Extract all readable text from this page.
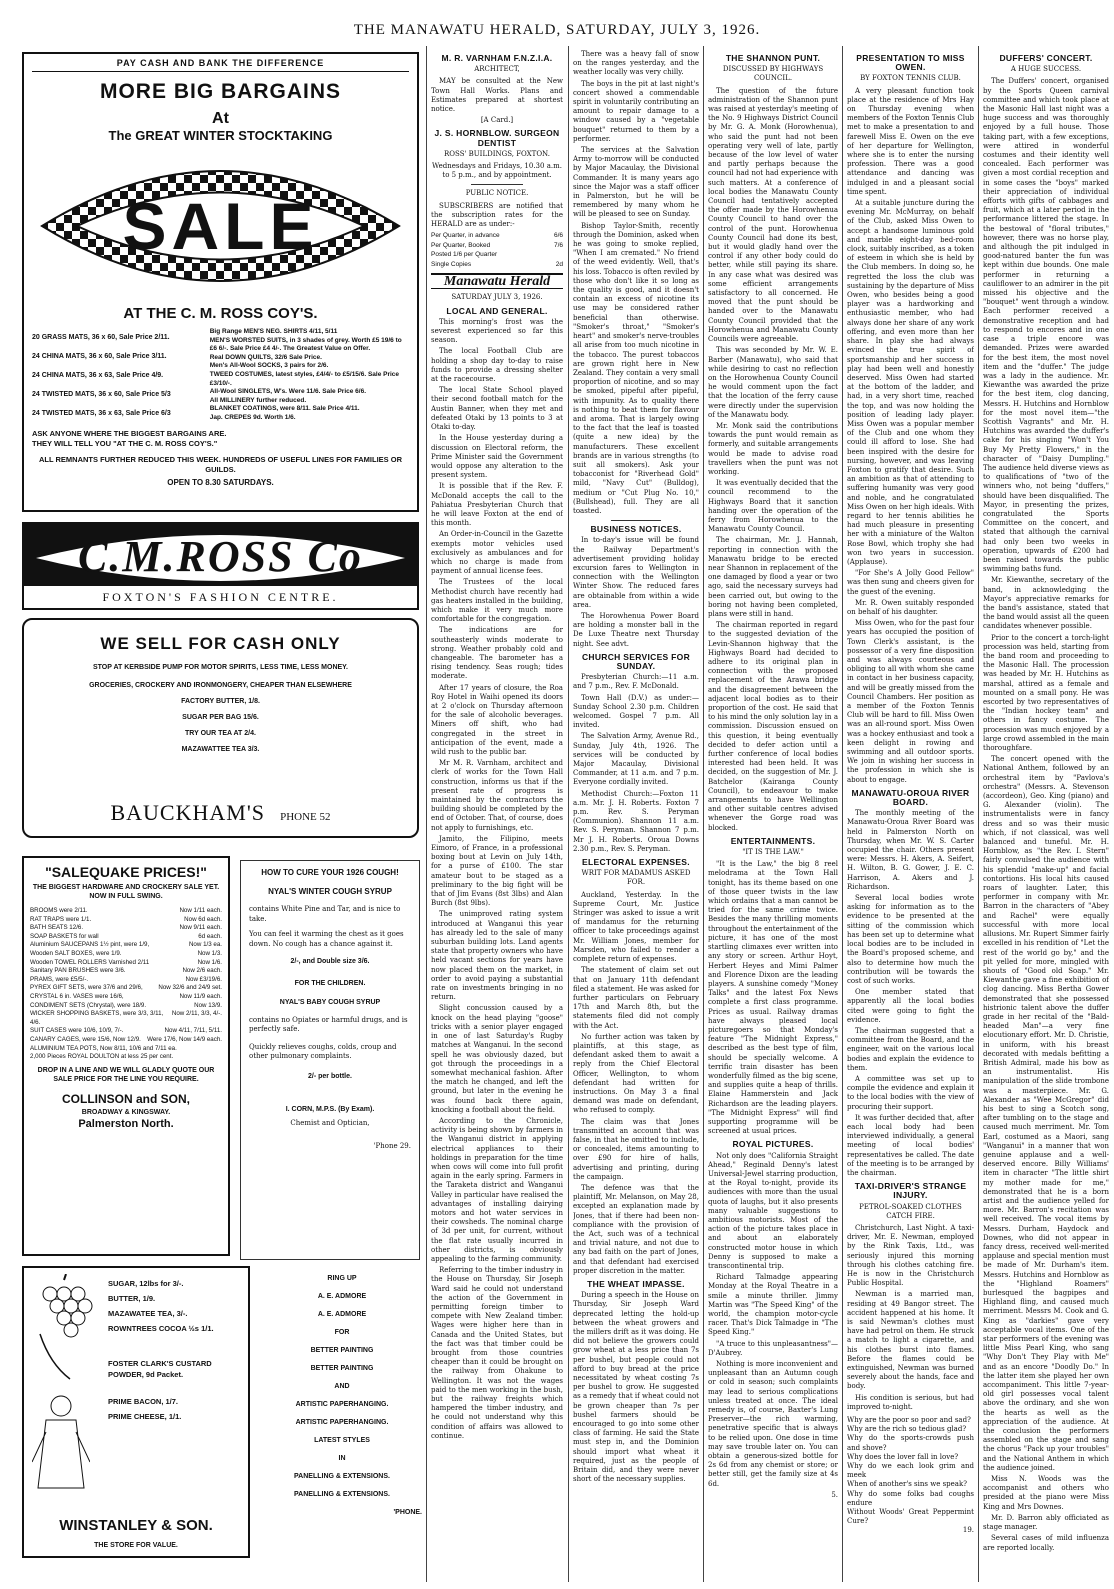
THE MANAWATU HERALD, SATURDAY, JULY 3, 1926.
PAY CASH AND BANK THE DIFFERENCE
MORE BIG BARGAINS
At
The GREAT WINTER STOCKTAKING
SALE
AT THE C. M. ROSS COY'S.
20 GRASS MATS, 36 x 60, Sale Price 2/11.
24 CHINA MATS, 36 x 60, Sale Price 3/11.
24 CHINA MATS, 36 x 63, Sale Price 4/9.
24 TWISTED MATS, 36 x 60, Sale Price 5/3
24 TWISTED MATS, 36 x 63, Sale Price 6/3
Big Range MEN'S NEG. SHIRTS 4/11, 5/11
MEN'S WORSTED SUITS, in 3 shades of grey. Worth £5 19/6 to £6 6/-. Sale Price £4 4/-. The Greatest Value on Offer.
Real DOWN QUILTS, 32/6 Sale Price.
Men's All-Wool SOCKS, 3 pairs for 2/6.
TWEED COSTUMES, latest styles, £4/4/- to £5/15/6. Sale Price £3/10/-.
All-Wool SINGLETS, W's. Were 11/6. Sale Price 6/6.
All MILLINERY further reduced.
BLANKET COATINGS, were 8/11. Sale Price 4/11.
Jap. CREPES 9d. Worth 1/6.
ASK ANYONE WHERE THE BIGGEST BARGAINS ARE. THEY WILL TELL YOU "AT THE C. M. ROSS COY'S."
ALL REMNANTS FURTHER REDUCED THIS WEEK. HUNDREDS OF USEFUL LINES FOR FAMILIES OR GUILDS.
OPEN TO 8.30 SATURDAYS.
C.M.ROSS Co
FOXTON'S FASHION CENTRE.
WE SELL FOR CASH ONLY
STOP AT KERBSIDE PUMP FOR MOTOR SPIRITS, LESS TIME, LESS MONEY.
GROCERIES, CROCKERY AND IRONMONGERY, CHEAPER THAN ELSEWHERE
FACTORY BUTTER, 1/8.
SUGAR PER BAG 15/6.
TRY OUR TEA AT 2/4.
MAZAWATTEE TEA 3/3.
BAUCKHAM'S PHONE 52
"SALEQUAKE PRICES!"
THE BIGGEST HARDWARE AND CROCKERY SALE YET. NOW IN FULL SWING.
BROOMS were 2/11.	Now 1/11 each.
RAT TRAPS were 1/1.	Now 6d each.
BATH SEATS 12/6.	Now 9/11 each.
SOAP BASKETS for wall	6d each.
Aluminium SAUCEPANS 1½ pint, were 1/9,	Now 1/3 ea.
Wooden SALT BOXES, were 1/9.	Now 1/3.
Wooden TOWEL ROLLERS Varnished 2/11	Now 1/6.
Sanitary PAN BRUSHES were 3/6.	Now 2/6 each.
PRAMS, were £5/5/-.	Now £3/19/6.
PYREX GIFT SETS, were 37/6 and 29/6,	Now 32/6 and 24/9 set.
CRYSTAL 6 in. VASES were 16/6,	Now 11/9 each.
CONDIMENT SETS (Chrystal), were 18/9.	Now 13/9.
WICKER SHOPPING BASKETS, were 3/3, 3/11, 4/6.
Now 2/11, 3/3, 4/-.
SUIT CASES were 10/6, 10/9, 7/-.	Now 4/11, 7/11, 5/11.
CANARY CAGES, were 15/6, Now 12/9. Were 17/6, Now 14/9 each.
ALUMINIUM TEA POTS, Now 8/11, 10/6 and 7/11 ea.
2,000 Pieces ROYAL DOULTON at less 25 per cent.
DROP IN A LINE AND WE WILL GLADLY QUOTE OUR SALE PRICE FOR THE LINE YOU REQUIRE.
COLLINSON and SON,
BROADWAY & KINGSWAY.
Palmerston North.
HOW TO CURE YOUR 1926 COUGH!
NYAL'S WINTER COUGH SYRUP
contains White Pine and Tar, and is nice to take.
You can feel it warming the chest as it goes down. No cough has a chance against it.
2/-, and Double size 3/6.
FOR THE CHILDREN.
NYAL'S BABY COUGH SYRUP
contains no Opiates or harmful drugs, and is perfectly safe.
Quickly relieves coughs, colds, croup and other pulmonary complaints.
2/- per bottle.
I. CORN, M.P.S. (By Exam).
Chemist and Optician,
'Phone 29.
SUGAR, 12lbs for 3/-.
BUTTER, 1/9.
MAZAWATEE TEA, 3/-.
ROWNTREES COCOA ½s 1/1.
FOSTER CLARK'S CUSTARD POWDER, 9d Packet.
PRIME BACON, 1/7.
PRIME CHEESE, 1/1.
WINSTANLEY & SON.
THE STORE FOR VALUE.
RING UP
A. E. ADMORE
A. E. ADMORE
FOR
BETTER PAINTING
BETTER PAINTING
AND
ARTISTIC PAPERHANGING.
ARTISTIC PAPERHANGING.
LATEST STYLES
IN
PANELLING & EXTENSIONS.
PANELLING & EXTENSIONS.
'PHONE.
M. R. VARNHAM F.N.Z.I.A.
ARCHITECT,

MAY be consulted at the New Town Hall Works. Plans and Estimates prepared at shortest notice.

[A Card.]
J. S. HORNBLOW. SURGEON DENTIST
ROSS' BUILDINGS, FOXTON.
Wednesdays and Fridays, 10.30 a.m. to 5 p.m., and by appointment.
PUBLIC NOTICE.

SUBSCRIBERS are notified that the subscription rates for the HERALD are as under:-

Per Quarter, in advance	6/6
Per Quarter, Booked	7/6
Posted 1/6 per Quarter
Single Copies	2d
Manawatu Herald
SATURDAY JULY 3, 1926.
LOCAL AND GENERAL.

This morning's frost was the severest experienced so far this season.

The local Football Club are holding a shop day to-day to raise funds to provide a dressing shelter at the racecourse.

The local State School played their second football match for the Austin Banner, when they met and defeated Otaki by 13 points to 3 at Otaki to-day.

In the House yesterday during a discussion on Electoral reform, the Prime Minister said the Government would oppose any alteration to the present system.

It is possible that if the Rev. F. McDonald accepts the call to the Pahiatua Presbyterian Church that he will leave Foxton at the end of this month.

An Order-in-Council in the Gazette exempts motor vehicles used exclusively as ambulances and for which no charge is made from payment of annual license fees.

The Trustees of the local Methodist church have recently had gas heaters installed in the building, which make it very much more comfortable for the congregation.

The indications are for southeasterly winds moderate to strong. Weather probably cold and changeable. The barometer has a rising tendency. Seas rough; tides moderate.

After 17 years of closure, the Roa Roy Hotel in Waihi opened its doors at 2 o'clock on Thursday afternoon for the sale of alcoholic beverages. Miners off shift, who had congregated in the street in anticipation of the event, made a wild rush to the public bar.

Mr M. R. Varnham, architect and clerk of works for the Town Hall construction, informs us that if the present rate of progress is maintained by the contractors the building should be completed by the end of October. That, of course, does not apply to furnishings, etc.

Jamito, the Filipino, meets Eimoro, of France, in a professional boxing bout at Levin on July 14th, for a purse of £100. The star amateur bout to be staged as a preliminary to the big fight will be that of Jim Evans (8st 3lbs) and Alan Burch (8st 9lbs).

The unimproved rating system introduced at Wanganui this year has already led to the sale of many suburban building lots. Land agents state that property owners who have held vacant sections for years have now placed them on the market, in order to avoid paying a substantial rate on investments bringing in no return.

Slight concussion caused by a knock on the head playing "goose" tricks with a senior player engaged in one of last Saturday's Rugby matches at Wanganui. In the second spell he was obviously dazed, but got through the proceedings in a somewhat mechanical fashion. After the match he changed, and left the ground, but later in the evening he was found back there again, knocking a football about the field.

According to the Chronicle, activity is being shown by farmers in the Wanganui district in applying electrical appliances to their holdings in preparation for the time when cows will come into full profit again in the early spring. Farmers in the Taraketa district and Wanganui Valley in particular have realised the advantages of installing dairying motors and hot water services in their cowsheds. The nominal charge of 3d per unit, for current, without the flat rate usually incurred in other districts, is obviously appealing to the farming community.

Referring to the timber industry in the House on Thursday, Sir Joseph Ward said he could not understand the action of the Government in permitting foreign timber to compete with New Zealand timber. Wages were higher here than in Canada and the United States, but the fact was that timber could be brought from those countries cheaper than it could be brought on the railway from Ohakune to Wellington. It was not the wages paid to the men working in the bush, but the railway freights which hampered the timber industry, and he could not understand why this condition of affairs was allowed to continue.

There was a heavy fall of snow on the ranges yesterday, and the weather locally was very chilly.

The boys in the pit at last night's concert showed a commendable spirit in voluntarily contributing an amount to repair damage to a window caused by a "vegetable bouquet" returned to them by a performer.

The services at the Salvation Army to-morrow will be conducted by Major Macaulay, the Divisional Commander. It is many years ago since the Major was a staff officer in Palmerston, but he will be remembered by many whom he will be pleased to see on Sunday.

Bishop Taylor-Smith, recently through the Dominion, asked when he was going to smoke replied, "When I am cremated." No friend of the weed evidently. Well, that's his loss. Tobacco is often reviled by those who don't like it so long as the quality is good, and it doesn't contain an excess of nicotine its use may be considered rather beneficial than otherwise. "Smoker's throat," "Smoker's heart" and smoker's nerve-troubles all arise from too much nicotine in the tobacco. The purest tobaccos are grown right here in New Zealand. They contain a very small proportion of nicotine, and so may be smoked, pipeful after pipeful, with impunity. As to quality there is nothing to beat them for flavour and aroma. That is largely owing to the fact that the leaf is toasted (quite a new idea) by the manufacturers. These excellent brands are in various strengths (to suit all smokers). Ask your tobacconist for "Riverhead Gold" mild, "Navy Cut" (Bulldog), medium or "Cut Plug No. 10," (Bullshead), full. They are all toasted.

BUSINESS NOTICES.

In to-day's issue will be found the Railway Department's advertisement providing holiday excursion fares to Wellington in connection with the Wellington Winter Show. The reduced fares are obtainable from within a wide area.

The Horowhenua Power Board are holding a monster ball in the De Luxe Theatre next Thursday night. See advt.

CHURCH SERVICES FOR SUNDAY.

Presbyterian Church:—11 a.m. and 7 p.m., Rev. F. McDonald.

Town Hall (D.V.) as under:—Sunday School 2.30 p.m. Children welcomed. Gospel 7 p.m. All invited.

The Salvation Army, Avenue Rd., Sunday, July 4th, 1926. The services will be conducted by Major Macaulay, Divisional Commander, at 11 a.m. and 7 p.m. Everyone cordially invited.

Methodist Church:—Foxton 11 a.m. Mr. J. H. Roberts. Foxton 7 p.m. Rev. S. Peryman (Communion). Shannon 11 a.m. Rev. S. Peryman. Shannon 7 p.m. Mr J. H. Roberts. Oroua Downs 2.30 p.m., Rev. S. Peryman.

ELECTORAL EXPENSES.
WRIT FOR MADAMUS ASKED FOR.

Auckland, Yesterday. In the Supreme Court, Mr. Justice Stringer was asked to issue a writ of mandamus for the returning officer to take proceedings against Mr. William Jones, member for Marsden, who failed to render a complete return of expenses.

The statement of claim set out that on January 11th defendant filed a statement. He was asked for further particulars on February 17th and March 8th, but the statements filed did not comply with the Act.

No further action was taken by plaintiffs, at this stage, as defendant asked them to await a reply from the Chief Electoral Officer, Wellington, to whom defendant had written for instructions. On May 3 a final demand was made on defendant, who refused to comply.

The claim was that Jones transmitted an account that was false, in that he omitted to include, or concealed, items amounting to over £90 for hire of halls, advertising and printing, during the campaign.

The defence was that the plaintiff, Mr. Melanson, on May 28, excepted an explanation made by Jones, that if there had been non-compliance with the provision of the Act, such was of a technical and trivial nature, and not due to any bad faith on the part of Jones, and that defendant had exercised proper discretion in the matter.

THE WHEAT IMPASSE.

During a speech in the House on Thursday, Sir Joseph Ward deprecated letting the hold-up between the wheat growers and the millers drift as it was doing. He did not believe the growers could grow wheat at a less price than 7s per bushel, but people could not afford to buy bread at the price necessitated by wheat costing 7s per bushel to grow. He suggested as a remedy that if wheat could not be grown cheaper than 7s per bushel farmers should be encouraged to go into some other class of farming. He said the State must step in, and the Dominion should import what wheat it required, just as the people of Britain did, and they were never short of the necessary supplies.

THE SHANNON PUNT.
DISCUSSED BY HIGHWAYS COUNCIL.

The question of the future administration of the Shannon punt was raised at yesterday's meeting of the No. 9 Highways District Council by Mr. G. A. Monk (Horowhenua), who said the punt had not been operating very well of late, partly because of the low level of water and partly perhaps because the council had not had experience with such matters. At a conference of local bodies the Manawatu County Council had tentatively accepted the offer made by the Horowhenua County Council to hand over the control of the punt. Horowhenua County Council had done its best, but it would gladly hand over the control if any other body could do better, while still paying its share. In any case what was desired was some efficient arrangements satisfactory to all concerned. He moved that the punt should be handed over to the Manawatu County Council provided that the Horowhenua and Manawatu County Councils were agreeable.

This was seconded by Mr. W. E. Barber (Manawatu), who said that while desiring to cast no reflection on the Horowhenua County Council he would comment upon the fact that the location of the ferry cause were directly under the supervision of the Manawatu body.

Mr. Monk said the contributions towards the punt would remain as formerly, and suitable arrangements would be made to advise road travellers when the punt was not working.

It was eventually decided that the council recommend to the Highways Board that it sanction handing over the operation of the ferry from Horowhenua to the Manawatu County Council.

The chairman, Mr. J. Hannah, reporting in connection with the Manawatu bridge to be erected near Shannon in replacement of the one damaged by flood a year or two ago, said the necessary surveys had been carried out, but owing to the boring not having been completed, plans were still in hand.

The chairman reported in regard to the suggested deviation of the Levin-Shannon highway that the Highways Board had decided to adhere to its original plan in connection with the proposed replacement of the Arawa bridge and the disagreement between the adjacent local bodies as to their proportion of the cost. He said that to his mind the only solution lay in a commission. Discussion ensued on this question, it being eventually decided to defer action until a further conference of local bodies interested had been held. It was decided, on the suggestion of Mr. J. Batchelor (Kairanga County Council), to endeavour to make arrangements to have Wellington and other suitable centres advised whenever the Gorge road was blocked.

ENTERTAINMENTS.
"IT IS THE LAW."

"It is the Law," the big 8 reel melodrama at the Town Hall tonight, has its theme based on one of those queer twists in the law which ordains that a man cannot be tried for the same crime twice. Besides the many thrilling moments throughout the entertainment of the picture, it has one of the most startling climaxes ever written into any story or screen. Arthur Hoyt, Herbert Heyes and Mimi Palmer and Florence Dixon are the leading players. A sunshine comedy "Money Talks" and the latest Fox News complete a first class programme. Prices as usual. Railway dramas have always pleased local picturegoers so that Monday's feature "The Midnight Express," described as the best type of film, should be specially welcome. A terrific train disaster has been wonderfully filmed as the big scene, and supplies quite a heap of thrills. Elaine Hammerstein and Jack Richardson are the leading players. "The Midnight Express" will find supporting programme will be screened at usual prices.

ROYAL PICTURES.

Not only does "California Straight Ahead," Reginald Denny's latest Universal-Jewel starring production, at the Royal to-night, provide its audiences with more than the usual quota of laughs, but it also presents many valuable suggestions to ambitious motorists. Most of the action of the picture takes place in and about an elaborately constructed motor house in which Denny is supposed to make a transcontinental trip.

Richard Talmadge appearing Monday at the Royal Theatre in a smile a minute thriller. Jimmy Martin was "The Speed King" of the world, the champion motor-cycle racer. That's Dick Talmadge in "The Speed King."

"A truce to this unpleasantness"—D'Aubrey.

Nothing is more inconvenient and unpleasant than an Autumn cough or cold in season; such complaints may lead to serious complications unless treated at once. The ideal remedy is, of course, Baxter's Lung Preserver—the rich warming, penetrative specific that is always to be relied upon. One dose in time may save trouble later on. You can obtain a generous-sized bottle for 2s 6d from any chemist or store; or better still, get the family size at 4s 6d.

5.
PRESENTATION TO MISS OWEN.
BY FOXTON TENNIS CLUB.

A very pleasant function took place at the residence of Mrs Hay on Thursday evening when members of the Foxton Tennis Club met to make a presentation to and farewell Miss E. Owen on the eve of her departure for Wellington, where she is to enter the nursing profession. There was a good attendance and dancing was indulged in and a pleasant social time spent.

At a suitable juncture during the evening Mr. McMurray, on behalf of the Club, asked Miss Owen to accept a handsome luminous gold and marble eight-day bed-room clock, suitably inscribed, as a token of esteem in which she is held by the Club members. In doing so, he regretted the loss the club was sustaining by the departure of Miss Owen, who besides being a good player was a hardworking and enthusiastic member, who had always done her share of any work offering, and even more than her share. In play she had always evinced the true spirit of sportsmanship and her success in play had been well and honestly deserved. Miss Owen had started at the bottom of the ladder, and had, in a very short time, reached the top, and was now holding the position of leading lady player. Miss Owen was a popular member of the Club and one whom they could ill afford to lose. She had been inspired with the desire for nursing, however, and was leaving Foxton to gratify that desire. Such an ambition as that of attending to suffering humanity was very good and noble, and he congratulated Miss Owen on her high ideals. With regard to her tennis abilities he had much pleasure in presenting her with a miniature of the Walton Rose Bowl, which trophy she had won two years in succession. (Applause).

"For She's A Jolly Good Fellow" was then sung and cheers given for the guest of the evening.

Mr. R. Owen suitably responded on behalf of his daughter.

Miss Owen, who for the past four years has occupied the position of Town Clerk's assistant, is the possessor of a very fine disposition and was always courteous and obliging to all with whom she came in contact in her business capacity, and will be greatly missed from the Council Chambers. Her position as a member of the Foxton Tennis Club will be hard to fill. Miss Owen was an all-round sport. Miss Owen was a hockey enthusiast and took a keen delight in rowing and swimming and all outdoor sports. We join in wishing her success in the profession in which she is about to engage.

MANAWATU-OROUA RIVER BOARD.

The monthly meeting of the Manawatu-Oroua River Board was held in Palmerston North on Thursday, when Mr. W. S. Carter occupied the chair. Others present were: Messrs. H. Akers, A. Seifert, H. Wilton, B. G. Gower, J. E. C. Harrison, A. Akers and J. Richardson.

Several local bodies wrote asking for information as to the evidence to be presented at the sitting of the commission which has been set up to determine what local bodies are to be included in the Board's proposed scheme, and also to determine how much the contribution will be towards the cost of such works.

One member stated that apparently all the local bodies cited were going to fight the evidence.

The chairman suggested that a committee from the Board, and the engineer, wait on the various local bodies and explain the evidence to them.

A committee was set up to compile the evidence and explain it to the local bodies with the view of procuring their support.

It was further decided that, after each local body had been interviewed individually, a general meeting of local bodies' representatives be called. The date of the meeting is to be arranged by the chairman.

TAXI-DRIVER'S STRANGE INJURY.
PETROL-SOAKED CLOTHES CATCH FIRE.

Christchurch, Last Night. A taxi-driver, Mr. E. Newman, employed by the Rink Taxis, Ltd., was seriously injured this morning through his clothes catching fire. He is now in the Christchurch Public Hospital.

Newman is a married man, residing at 49 Bangor street. The accident happened at his home. It is said Newman's clothes must have had petrol on them. He struck a match to light a cigarette, and his clothes burst into flames. Before the flames could be extinguished, Newman was burned severely about the hands, face and body.

His condition is serious, but had improved to-night.

Why are the poor so poor and sad?
Why are the rich so tedious glad?
Why do the sports-crowds push and shove?
Why does the lover fall in love?
Why do we each look grim and meek
When of another's sins we speak?
Why do some folks bad coughs endure
Without Woods' Great Peppermint Cure?
19.
DUFFERS' CONCERT.
A HUGE SUCCESS.

The Duffers' concert, organised by the Sports Queen carnival committee and which took place at the Masonic Hall last night was a huge success and was thoroughly enjoyed by a full house. Those taking part, with a few exceptions, were attired in wonderful costumes and their identity well concealed. Each performer was given a most cordial reception and in some cases the "boys" marked their appreciation of individual efforts with gifts of cabbages and fruit, which at a later period in the performance littered the stage. In the bestowal of "floral tributes," however, there was no horse play, and although the pit indulged in good-natured banter the fun was kept within due bounds. One male performer in returning a cauliflower to an admirer in the pit missed his objective and the "bouquet" went through a window. Each performer received a demonstrative reception and had to respond to encores and in one case a triple encore was demanded. Prizes were awarded for the best item, the most novel item and the "duffer." The judge was a lady in the audience. Mr. Kiewanthe was awarded the prize for the best item, clog dancing, Messrs. H. Hutchins and Hornblow for the most novel item—"the Scottish Vagrants" and Mr. H. Hutchins was awarded the duffer's cake for his singing "Won't You Buy My Pretty Flowers," in the character of "Daisy Dumpling." The audience held diverse views as to qualifications of "two of the winners who, not being "duffers," should have been disqualified. The Mayor, in presenting the prizes, congratulated the Sports Committee on the concert, and stated that although the carnival had only been two weeks in operation, upwards of £200 had been raised towards the public swimming baths fund.

Mr. Kiewanthe, secretary of the band, in acknowledging the Mayor's appreciative remarks for the band's assistance, stated that the band would assist all the queen candidates whenever possible.

Prior to the concert a torch-light procession was held, starting from the band room and proceeding to the Masonic Hall. The procession was headed by Mr. H. Hutchins as marshal, attired as a female and mounted on a small pony. He was escorted by two representatives of the "Indian hockey team" and others in fancy costume. The procession was much enjoyed by a large crowd assembled in the main thoroughfare.

The concert opened with the National Anthem, followed by an orchestral item by "Pavlova's orchestra" (Messrs. A. Stevenson (accordeon), Geo. King (piano) and G. Alexander (violin). The instrumentalists were in fancy dress and so was their music which, if not classical, was well balanced and tuneful. Mr. H. Hornblow, as "the Rev. I. Stern" fairly convulsed the audience with his splendid "make-up" and facial contortions. His local hits caused roars of laughter. Later, this performer in company with Mr. Barron in the characters of "Abey and Rachel" were equally successful with more local allusions. Mr. Rupert Simmer fairly excelled in his rendition of "Let the rest of the world go by," and the pit yelled for more, mingled with shouts of "Good old Soap." Mr. Kiewanthe gave a fine exhibition of clog dancing. Miss Bertha Gower demonstrated that she possessed histrionic talent above the duffer grade in her recital of the "Bald-headed Man"—a very fine elocutionary effort. Mr. D. Christie, in uniform, with his breast decorated with medals befitting a British Admiral, made his bow as an instrumentalist. His manipulation of the slide trombone was a masterpiece. Mr. G. Alexander as "Wee McGregor" did his best to sing a Scotch song, after tumbling on to the stage and caused much merriment. Mr. Tom Earl, costumed as a Maori, sang "Wanganui" in a manner that won genuine applause and a well-deserved encore. Billy Williams' item in character "The little shirt my mother made for me," demonstrated that he is a born artist and the audience yelled for more. Mr. Barron's recitation was well received. The vocal items by Messrs. Durham, Haydock and Downes, who did not appear in fancy dress, received well-merited applause and special mention must be made of Mr. Durham's item. Messrs. Hutchins and Hornblow as the "Highland Roamers" burlesqued the bagpipes and Highland fling, and caused much merriment. Messrs M. Cook and G. King as "darkies" gave very acceptable vocal items. One of the star performers of the evening was little Miss Pearl King, who sang "Why Don't They Play with Me" and as an encore "Doodly Do." In the latter item she played her own accompaniment. This little 7-year-old girl possesses vocal talent above the ordinary, and she won the hearts as well as the appreciation of the audience. At the conclusion the performers assembled on the stage and sang the chorus "Pack up your troubles" and the National Anthem in which the audience joined.

Miss N. Woods was the accompanist and others who presided at the piano were Miss King and Mrs Downes.

Mr. D. Barron ably officiated as stage manager.

Several cases of mild influenza are reported locally.
